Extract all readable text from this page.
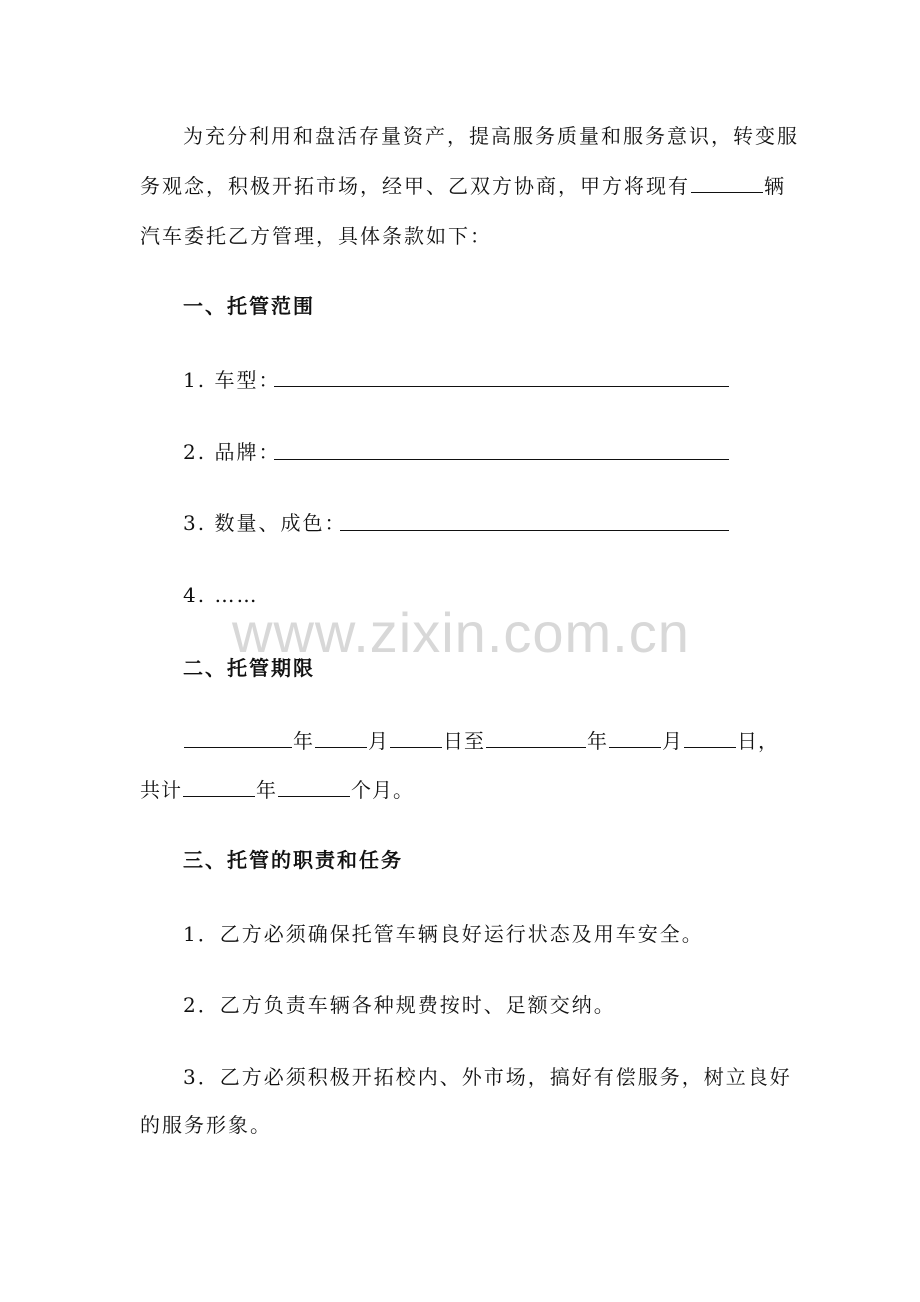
为充分利用和盘活存量资产，提高服务质量和服务意识，转变服
务观念，积极开拓市场，经甲、乙双方协商，甲方将现有	辆
汽车委托乙方管理，具体条款如下：
一、托管范围
1. 车型：
2. 品牌：
3. 数量、成色：
4. ……
www.zixin.com.cn
二、托管期限
年	月	日至	年	月	日，
共计	年	个月。
三、托管的职责和任务
1．乙方必须确保托管车辆良好运行状态及用车安全。
2．乙方负责车辆各种规费按时、足额交纳。
3．乙方必须积极开拓校内、外市场，搞好有偿服务，树立良好
的服务形象。
